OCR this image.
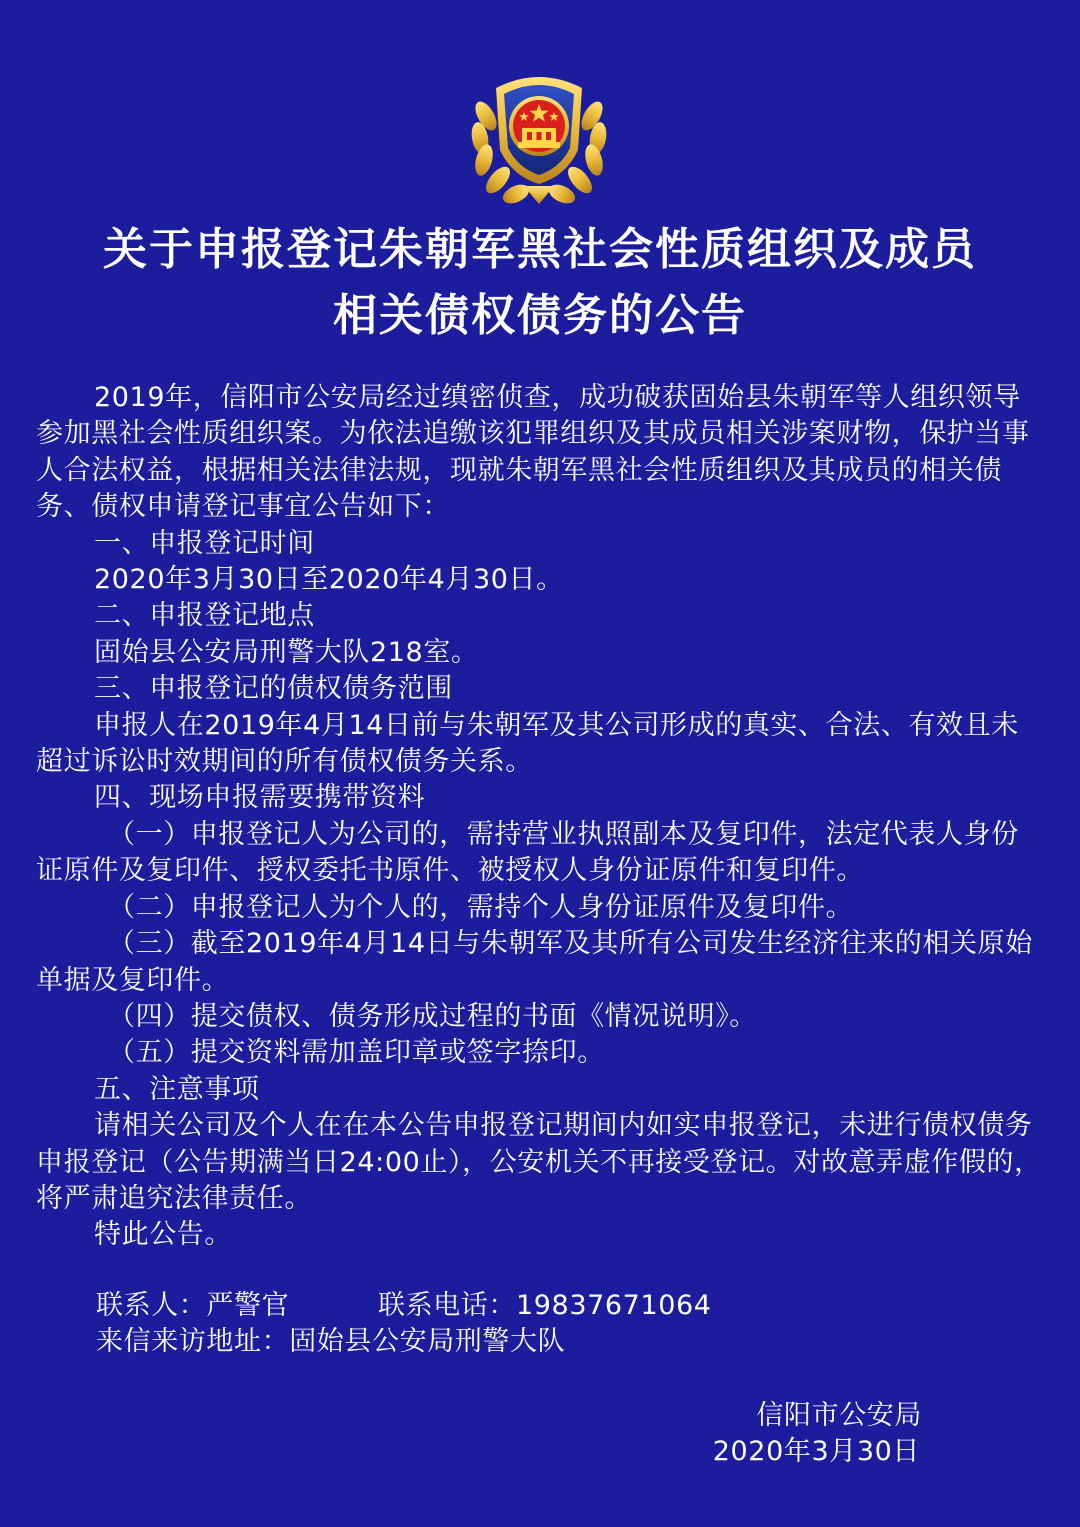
关于申报登记朱朝军黑社会性质组织及成员
相关债权债务的公告

2019年，信阳市公安局经过缜密侦查，成功破获固始县朱朝军等人组织领导参加黑社会性质组织案。为依法追缴该犯罪组织及其成员相关涉案财物，保护当事人合法权益，根据相关法律法规，现就朱朝军黑社会性质组织及其成员的相关债务、债权申请登记事宜公告如下：

一、申报登记时间

2020年3月30日至2020年4月30日。

二、申报登记地点

固始县公安局刑警大队218室。

三、申报登记的债权债务范围

申报人在2019年4月14日前与朱朝军及其公司形成的真实、合法、有效且未超过诉讼时效期间的所有债权债务关系。

四、现场申报需要携带资料

（一）申报登记人为公司的，需持营业执照副本及复印件，法定代表人身份证原件及复印件、授权委托书原件、被授权人身份证原件和复印件。

（二）申报登记人为个人的，需持个人身份证原件及复印件。

（三）截至2019年4月14日与朱朝军及其所有公司发生经济往来的相关原始单据及复印件。

（四）提交债权、债务形成过程的书面《情况说明》。

（五）提交资料需加盖印章或签字捺印。

五、注意事项

请相关公司及个人在在本公告申报登记期间内如实申报登记，未进行债权债务申报登记（公告期满当日24:00止），公安机关不再接受登记。对故意弄虚作假的，将严肃追究法律责任。

特此公告。

联系人：严警官	联系电话：19837671064
来信来访地址：固始县公安局刑警大队
信阳市公安局
2020年3月30日
